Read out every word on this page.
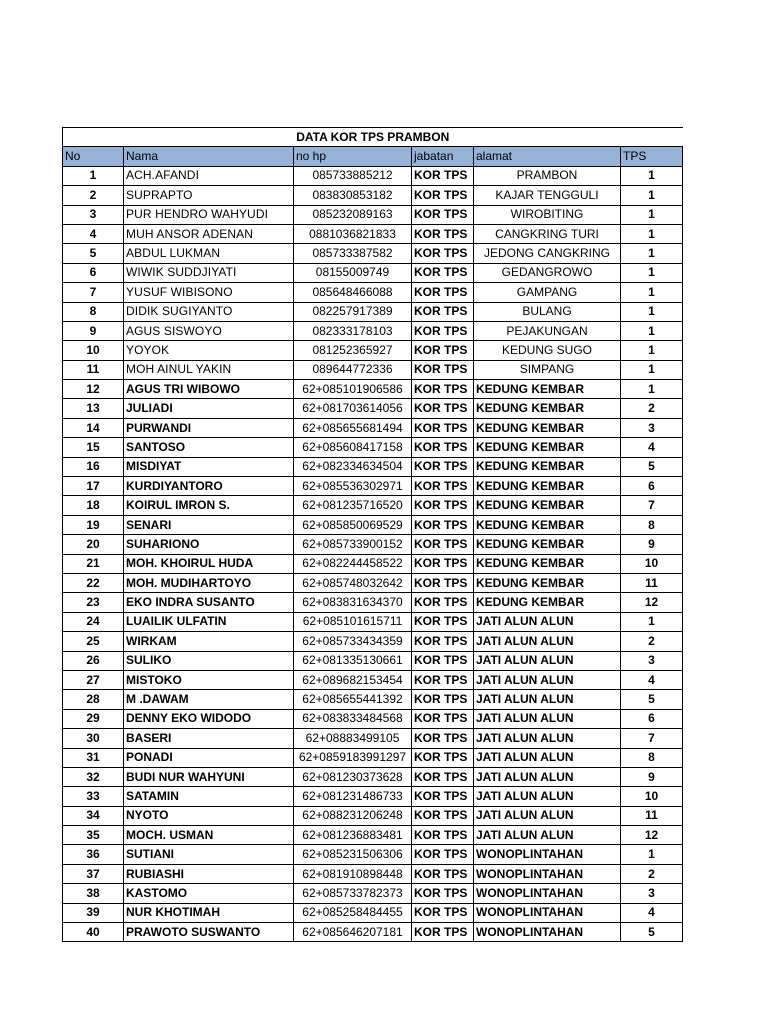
DATA KOR TPS PRAMBON					
No	Nama	no hp	jabatan	alamat	TPS
1	ACH.AFANDI	085733885212	KOR TPS	PRAMBON	1
2	SUPRAPTO	083830853182	KOR TPS	KAJAR TENGGULI	1
3	PUR HENDRO WAHYUDI	085232089163	KOR TPS	WIROBITING	1
4	MUH ANSOR ADENAN	0881036821833	KOR TPS	CANGKRING TURI	1
5	ABDUL LUKMAN	085733387582	KOR TPS	JEDONG CANGKRING	1
6	WIWIK SUDDJIYATI	08155009749	KOR TPS	GEDANGROWO	1
7	YUSUF WIBISONO	085648466088	KOR TPS	GAMPANG	1
8	DIDIK SUGIYANTO	082257917389	KOR TPS	BULANG	1
9	AGUS SISWOYO	082333178103	KOR TPS	PEJAKUNGAN	1
10	YOYOK	081252365927	KOR TPS	KEDUNG SUGO	1
11	MOH AINUL YAKIN	089644772336	KOR TPS	SIMPANG	1
12	AGUS TRI WIBOWO	62+085101906586	KOR TPS	KEDUNG KEMBAR	1
13	JULIADI	62+081703614056	KOR TPS	KEDUNG KEMBAR	2
14	PURWANDI	62+085655681494	KOR TPS	KEDUNG KEMBAR	3
15	SANTOSO	62+085608417158	KOR TPS	KEDUNG KEMBAR	4
16	MISDIYAT	62+082334634504	KOR TPS	KEDUNG KEMBAR	5
17	KURDIYANTORO	62+085536302971	KOR TPS	KEDUNG KEMBAR	6
18	KOIRUL IMRON S.	62+081235716520	KOR TPS	KEDUNG KEMBAR	7
19	SENARI	62+085850069529	KOR TPS	KEDUNG KEMBAR	8
20	SUHARIONO	62+085733900152	KOR TPS	KEDUNG KEMBAR	9
21	MOH. KHOIRUL HUDA	62+082244458522	KOR TPS	KEDUNG KEMBAR	10
22	MOH. MUDIHARTOYO	62+085748032642	KOR TPS	KEDUNG KEMBAR	11
23	EKO INDRA SUSANTO	62+083831634370	KOR TPS	KEDUNG KEMBAR	12
24	LUAILIK ULFATIN	62+085101615711	KOR TPS	JATI ALUN ALUN	1
25	WIRKAM	62+085733434359	KOR TPS	JATI ALUN ALUN	2
26	SULIKO	62+081335130661	KOR TPS	JATI ALUN ALUN	3
27	MISTOKO	62+089682153454	KOR TPS	JATI ALUN ALUN	4
28	M .DAWAM	62+085655441392	KOR TPS	JATI ALUN ALUN	5
29	DENNY EKO WIDODO	62+083833484568	KOR TPS	JATI ALUN ALUN	6
30	BASERI	62+08883499105	KOR TPS	JATI ALUN ALUN	7
31	PONADI	62+0859183991297	KOR TPS	JATI ALUN ALUN	8
32	BUDI NUR WAHYUNI	62+081230373628	KOR TPS	JATI ALUN ALUN	9
33	SATAMIN	62+081231486733	KOR TPS	JATI ALUN ALUN	10
34	NYOTO	62+088231206248	KOR TPS	JATI ALUN ALUN	11
35	MOCH. USMAN	62+081236883481	KOR TPS	JATI ALUN ALUN	12
36	SUTIANI	62+085231506306	KOR TPS	WONOPLINTAHAN	1
37	RUBIASHI	62+081910898448	KOR TPS	WONOPLINTAHAN	2
38	KASTOMO	62+085733782373	KOR TPS	WONOPLINTAHAN	3
39	NUR KHOTIMAH	62+085258484455	KOR TPS	WONOPLINTAHAN	4
40	PRAWOTO SUSWANTO	62+085646207181	KOR TPS	WONOPLINTAHAN	5
